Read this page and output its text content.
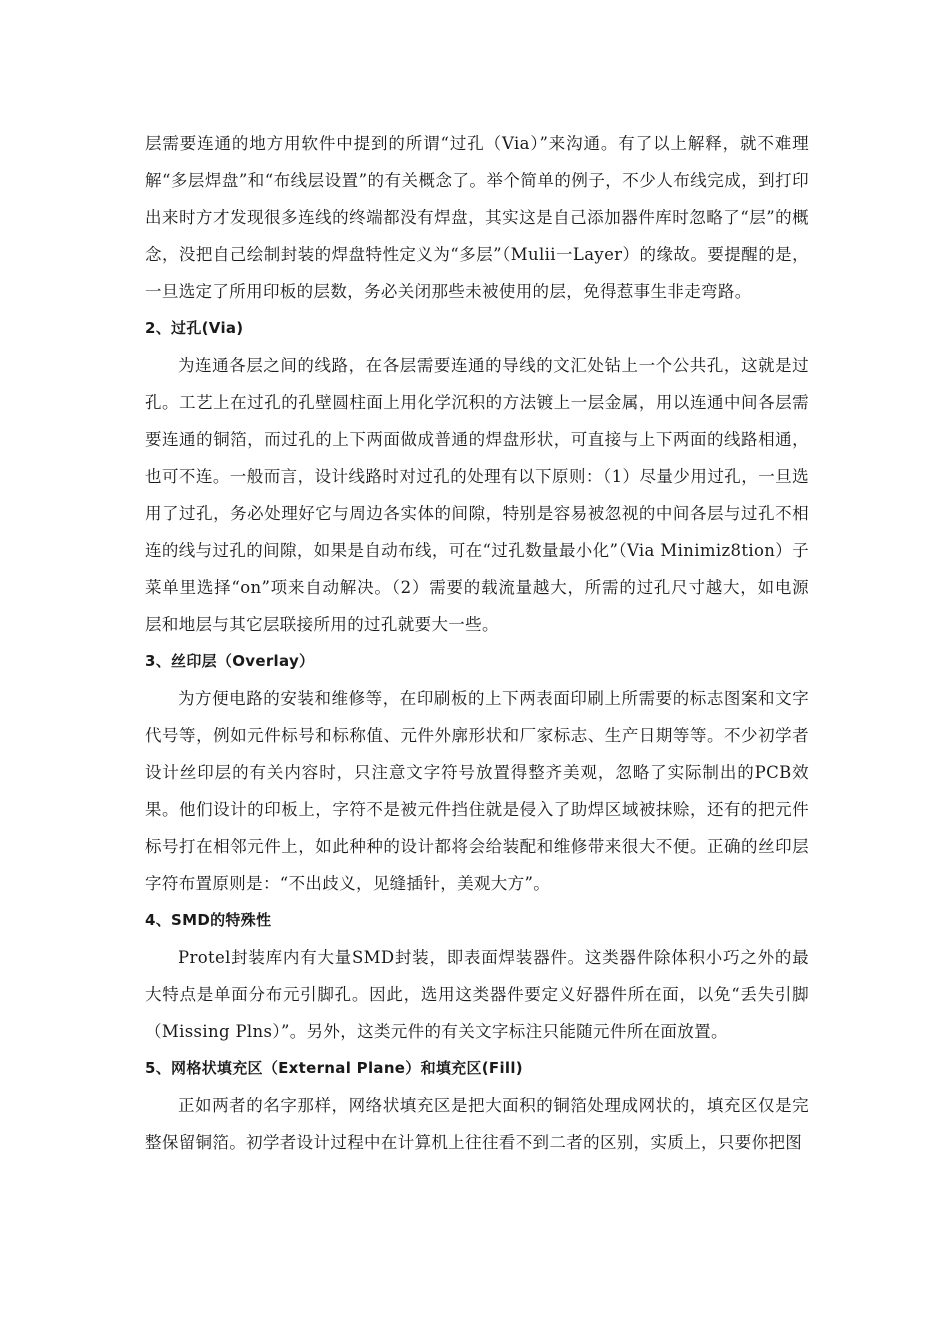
层需要连通的地方用软件中提到的所谓“过孔（Via）”来沟通。有了以上解释，就不难理解“多层焊盘”和“布线层设置”的有关概念了。举个简单的例子，不少人布线完成，到打印出来时方才发现很多连线的终端都没有焊盘，其实这是自己添加器件库时忽略了“层”的概念，没把自己绘制封装的焊盘特性定义为“多层”（Mulii一Layer）的缘故。要提醒的是，一旦选定了所用印板的层数，务必关闭那些未被使用的层，免得惹事生非走弯路。

2、过孔(Via)

为连通各层之间的线路，在各层需要连通的导线的文汇处钻上一个公共孔，这就是过孔。工艺上在过孔的孔壁圆柱面上用化学沉积的方法镀上一层金属，用以连通中间各层需要连通的铜箔，而过孔的上下两面做成普通的焊盘形状，可直接与上下两面的线路相通，也可不连。一般而言，设计线路时对过孔的处理有以下原则：（1）尽量少用过孔，一旦选用了过孔，务必处理好它与周边各实体的间隙，特别是容易被忽视的中间各层与过孔不相连的线与过孔的间隙，如果是自动布线，可在“过孔数量最小化”（Via Minimiz8tion）子菜单里选择“on”项来自动解决。（2）需要的载流量越大，所需的过孔尺寸越大，如电源层和地层与其它层联接所用的过孔就要大一些。

3、丝印层（Overlay）

为方便电路的安装和维修等，在印刷板的上下两表面印刷上所需要的标志图案和文字代号等，例如元件标号和标称值、元件外廓形状和厂家标志、生产日期等等。不少初学者设计丝印层的有关内容时，只注意文字符号放置得整齐美观，忽略了实际制出的PCB效果。他们设计的印板上，字符不是被元件挡住就是侵入了助焊区域被抹赊，还有的把元件标号打在相邻元件上，如此种种的设计都将会给装配和维修带来很大不便。正确的丝印层字符布置原则是：“不出歧义，见缝插针，美观大方”。

4、SMD的特殊性

Protel封装库内有大量SMD封装，即表面焊装器件。这类器件除体积小巧之外的最大特点是单面分布元引脚孔。因此，选用这类器件要定义好器件所在面，以免“丢失引脚（Missing Plns）”。另外，这类元件的有关文字标注只能随元件所在面放置。

5、网格状填充区（External Plane）和填充区(Fill)

正如两者的名字那样，网络状填充区是把大面积的铜箔处理成网状的，填充区仅是完整保留铜箔。初学者设计过程中在计算机上往往看不到二者的区别，实质上，只要你把图
